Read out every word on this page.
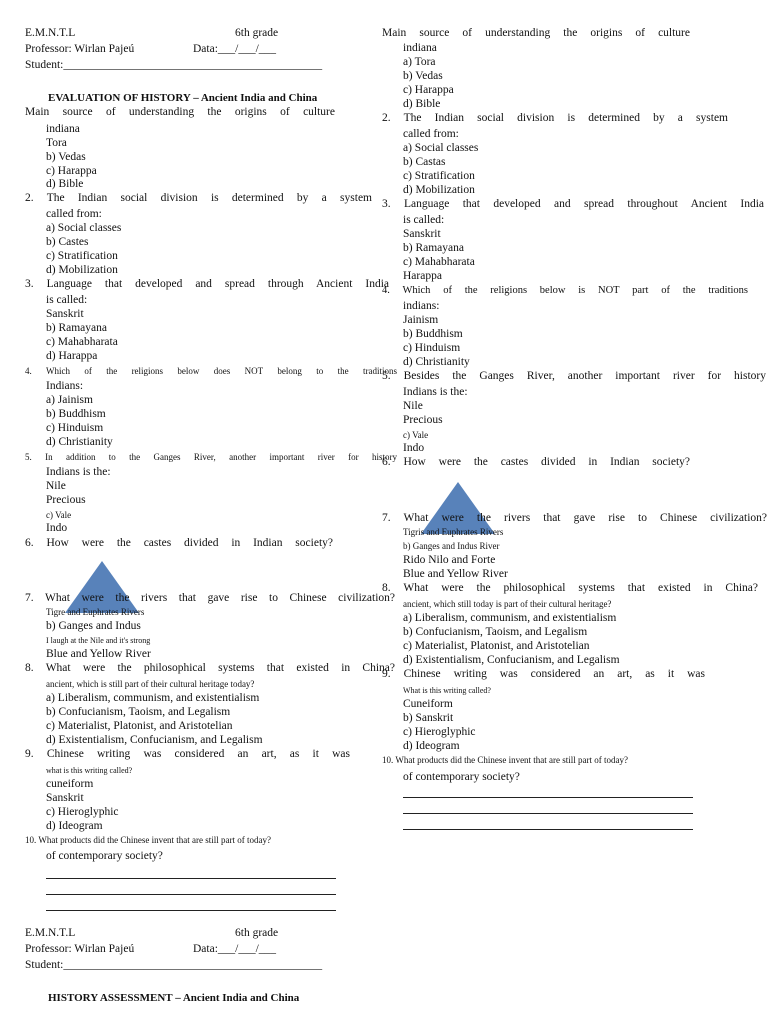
E.M.N.T.L	6th grade
Professor: Wirlan Pajeú	Data:___/___/___
Student:_____________________________________________
EVALUATION OF HISTORY – Ancient India and China
Main source of understanding the origins of culture
indiana
Tora
b) Vedas
c) Harappa
d) Bible
2. The Indian social division is determined by a system
called from:
a) Social classes
b) Castes
c) Stratification
d) Mobilization
3. Language that developed and spread through Ancient India
is called:
Sanskrit
b) Ramayana
c) Mahabharata
d) Harappa
4. Which of the religions below does NOT belong to the traditions
Indians:
a) Jainism
b) Buddhism
c) Hinduism
d) Christianity
5. In addition to the Ganges River, another important river for history
Indians is the:
Nile
Precious
c) Vale
Indo
6. How were the castes divided in Indian society?
7. What were the rivers that gave rise to Chinese civilization?
Tigre and Euphrates Rivers
b) Ganges and Indus
I laugh at the Nile and it's strong
Blue and Yellow River
8. What were the philosophical systems that existed in China?
ancient, which is still part of their cultural heritage today?
a) Liberalism, communism, and existentialism
b) Confucianism, Taoism, and Legalism
c) Materialist, Platonist, and Aristotelian
d) Existentialism, Confucianism, and Legalism
9. Chinese writing was considered an art, as it was
what is this writing called?
cuneiform
Sanskrit
c) Hieroglyphic
d) Ideogram
10. What products did the Chinese invent that are still part of today?
of contemporary society?
E.M.N.T.L	6th grade
Professor: Wirlan Pajeú	Data:___/___/___
Student:_____________________________________________
HISTORY ASSESSMENT – Ancient India and China
Main source of understanding the origins of culture
indiana
a) Tora
b) Vedas
c) Harappa
d) Bible
2. The Indian social division is determined by a system
called from:
a) Social classes
b) Castas
c) Stratification
d) Mobilization
3. Language that developed and spread throughout Ancient India
is called:
Sanskrit
b) Ramayana
c) Mahabharata
Harappa
4. Which of the religions below is NOT part of the traditions
indians:
Jainism
b) Buddhism
c) Hinduism
d) Christianity
5. Besides the Ganges River, another important river for history
Indians is the:
Nile
Precious
c) Vale
Indo
6. How were the castes divided in Indian society?
7. What were the rivers that gave rise to Chinese civilization?
Tigris and Euphrates Rivers
b) Ganges and Indus River
Rido Nilo and Forte
Blue and Yellow River
8. What were the philosophical systems that existed in China?
ancient, which still today is part of their cultural heritage?
a) Liberalism, communism, and existentialism
b) Confucianism, Taoism, and Legalism
c) Materialist, Platonist, and Aristotelian
d) Existentialism, Confucianism, and Legalism
9. Chinese writing was considered an art, as it was
What is this writing called?
Cuneiform
b) Sanskrit
c) Hieroglyphic
d) Ideogram
10. What products did the Chinese invent that are still part of today?
of contemporary society?
